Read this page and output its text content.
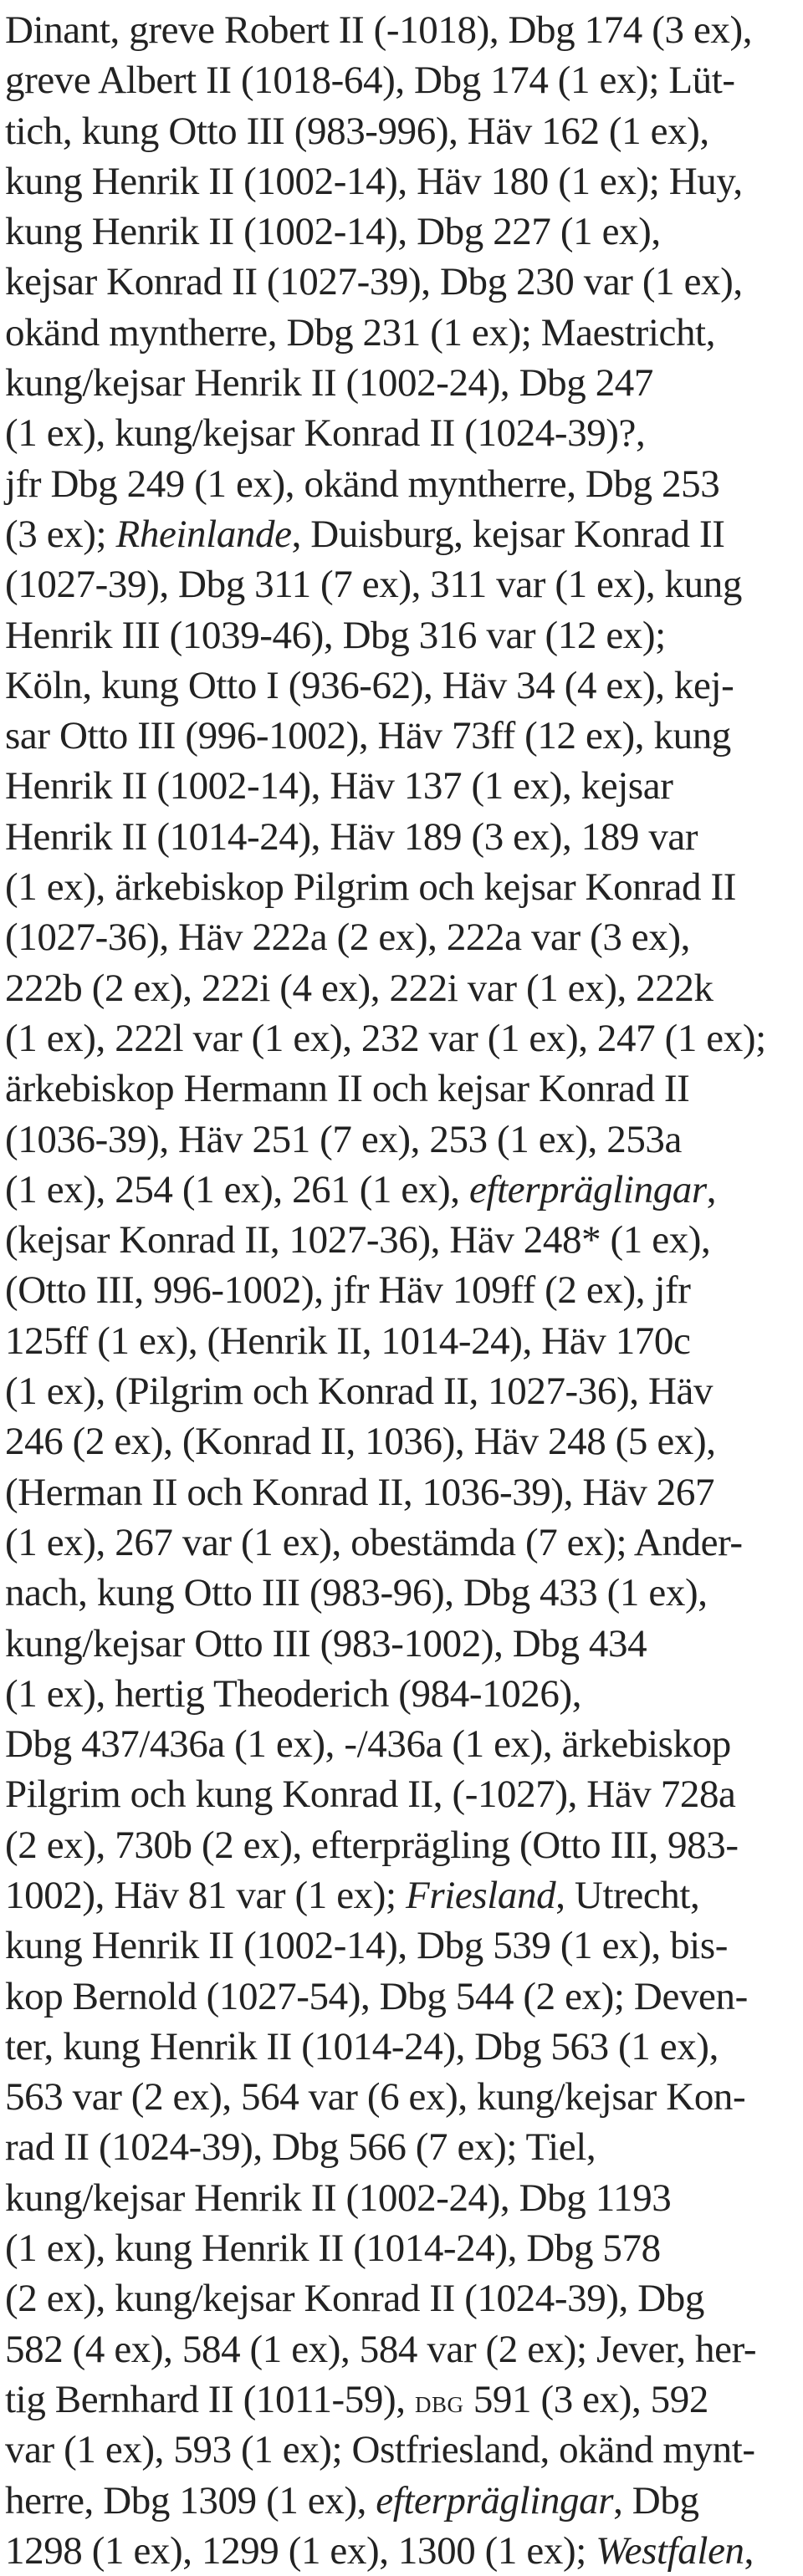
Dinant, greve Robert II (-1018), Dbg 174 (3 ex),
greve Albert II (1018-64), Dbg 174 (1 ex); Lüt-
tich, kung Otto III (983-996), Häv 162 (1 ex),
kung Henrik II (1002-14), Häv 180 (1 ex); Huy,
kung Henrik II (1002-14), Dbg 227 (1 ex),
kejsar Konrad II (1027-39), Dbg 230 var (1 ex),
okänd myntherre, Dbg 231 (1 ex); Maestricht,
kung/kejsar Henrik II (1002-24), Dbg 247
(1 ex), kung/kejsar Konrad II (1024-39)?,
jfr Dbg 249 (1 ex), okänd myntherre, Dbg 253
(3 ex); Rheinlande, Duisburg, kejsar Konrad II
(1027-39), Dbg 311 (7 ex), 311 var (1 ex), kung
Henrik III (1039-46), Dbg 316 var (12 ex);
Köln, kung Otto I (936-62), Häv 34 (4 ex), kej-
sar Otto III (996-1002), Häv 73ff (12 ex), kung
Henrik II (1002-14), Häv 137 (1 ex), kejsar
Henrik II (1014-24), Häv 189 (3 ex), 189 var
(1 ex), ärkebiskop Pilgrim och kejsar Konrad II
(1027-36), Häv 222a (2 ex), 222a var (3 ex),
222b (2 ex), 222i (4 ex), 222i var (1 ex), 222k
(1 ex), 222l var (1 ex), 232 var (1 ex), 247 (1 ex);
ärkebiskop Hermann II och kejsar Konrad II
(1036-39), Häv 251 (7 ex), 253 (1 ex), 253a
(1 ex), 254 (1 ex), 261 (1 ex), efterpräglingar,
(kejsar Konrad II, 1027-36), Häv 248* (1 ex),
(Otto III, 996-1002), jfr Häv 109ff (2 ex), jfr
125ff (1 ex), (Henrik II, 1014-24), Häv 170c
(1 ex), (Pilgrim och Konrad II, 1027-36), Häv
246 (2 ex), (Konrad II, 1036), Häv 248 (5 ex),
(Herman II och Konrad II, 1036-39), Häv 267
(1 ex), 267 var (1 ex), obestämda (7 ex); Ander-
nach, kung Otto III (983-96), Dbg 433 (1 ex),
kung/kejsar Otto III (983-1002), Dbg 434
(1 ex), hertig Theoderich (984-1026),
Dbg 437/436a (1 ex), -/436a (1 ex), ärkebiskop
Pilgrim och kung Konrad II, (-1027), Häv 728a
(2 ex), 730b (2 ex), efterprägling (Otto III, 983-
1002), Häv 81 var (1 ex); Friesland, Utrecht,
kung Henrik II (1002-14), Dbg 539 (1 ex), bis-
kop Bernold (1027-54), Dbg 544 (2 ex); Deven-
ter, kung Henrik II (1014-24), Dbg 563 (1 ex),
563 var (2 ex), 564 var (6 ex), kung/kejsar Kon-
rad II (1024-39), Dbg 566 (7 ex); Tiel,
kung/kejsar Henrik II (1002-24), Dbg 1193
(1 ex), kung Henrik II (1014-24), Dbg 578
(2 ex), kung/kejsar Konrad II (1024-39), Dbg
582 (4 ex), 584 (1 ex), 584 var (2 ex); Jever, her-
tig Bernhard II (1011-59), dbg 591 (3 ex), 592
var (1 ex), 593 (1 ex); Ostfriesland, okänd mynt-
herre, Dbg 1309 (1 ex), efterpräglingar, Dbg
1298 (1 ex), 1299 (1 ex), 1300 (1 ex); Westfalen,
